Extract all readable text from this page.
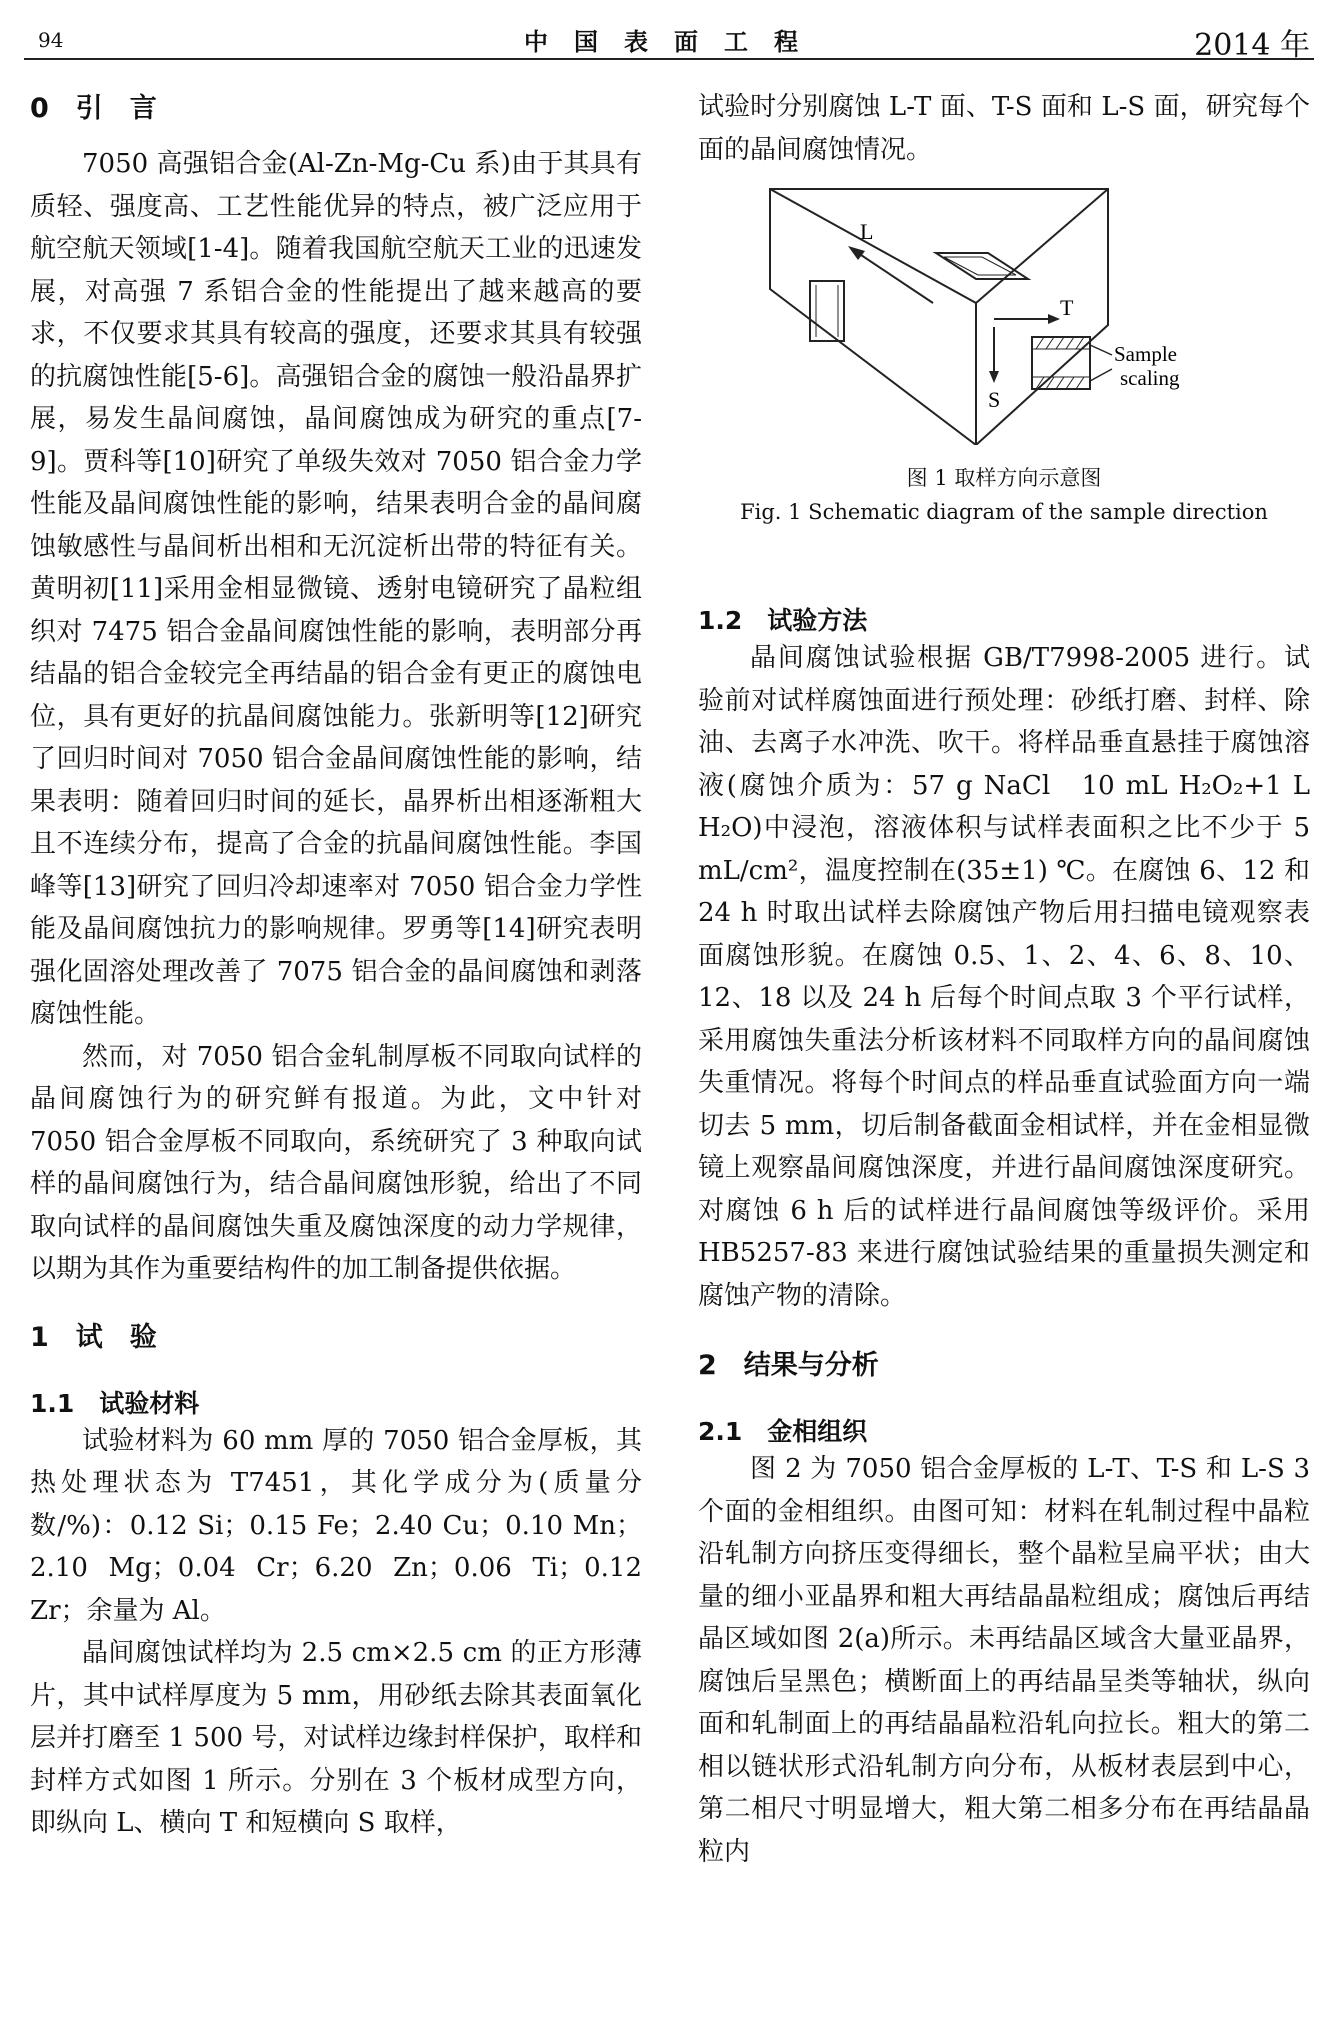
94	中国表面工程	2014 年
0　引　言

7050 高强铝合金(Al-Zn-Mg-Cu 系)由于其具有质轻、强度高、工艺性能优异的特点，被广泛应用于航空航天领域[1-4]。随着我国航空航天工业的迅速发展，对高强 7 系铝合金的性能提出了越来越高的要求，不仅要求其具有较高的强度，还要求其具有较强的抗腐蚀性能[5-6]。高强铝合金的腐蚀一般沿晶界扩展，易发生晶间腐蚀，晶间腐蚀成为研究的重点[7-9]。贾科等[10]研究了单级失效对 7050 铝合金力学性能及晶间腐蚀性能的影响，结果表明合金的晶间腐蚀敏感性与晶间析出相和无沉淀析出带的特征有关。黄明初[11]采用金相显微镜、透射电镜研究了晶粒组织对 7475 铝合金晶间腐蚀性能的影响，表明部分再结晶的铝合金较完全再结晶的铝合金有更正的腐蚀电位，具有更好的抗晶间腐蚀能力。张新明等[12]研究了回归时间对 7050 铝合金晶间腐蚀性能的影响，结果表明：随着回归时间的延长，晶界析出相逐渐粗大且不连续分布，提高了合金的抗晶间腐蚀性能。李国峰等[13]研究了回归冷却速率对 7050 铝合金力学性能及晶间腐蚀抗力的影响规律。罗勇等[14]研究表明强化固溶处理改善了 7075 铝合金的晶间腐蚀和剥落腐蚀性能。

然而，对 7050 铝合金轧制厚板不同取向试样的晶间腐蚀行为的研究鲜有报道。为此，文中针对 7050 铝合金厚板不同取向，系统研究了 3 种取向试样的晶间腐蚀行为，结合晶间腐蚀形貌，给出了不同取向试样的晶间腐蚀失重及腐蚀深度的动力学规律，以期为其作为重要结构件的加工制备提供依据。

1　试　验
1.1　试验材料

试验材料为 60 mm 厚的 7050 铝合金厚板，其热处理状态为 T7451，其化学成分为(质量分数/%)：0.12 Si；0.15 Fe；2.40 Cu；0.10 Mn；2.10 Mg；0.04 Cr；6.20 Zn；0.06 Ti；0.12 Zr；余量为 Al。

晶间腐蚀试样均为 2.5 cm×2.5 cm 的正方形薄片，其中试样厚度为 5 mm，用砂纸去除其表面氧化层并打磨至 1 500 号，对试样边缘封样保护，取样和封样方式如图 1 所示。分别在 3 个板材成型方向，即纵向 L、横向 T 和短横向 S 取样，

试验时分别腐蚀 L-T 面、T-S 面和 L-S 面，研究每个面的晶间腐蚀情况。

L
T
S
Sample
scaling

图 1 取样方向示意图

Fig. 1 Schematic diagram of the sample direction

1.2　试验方法

晶间腐蚀试验根据 GB/T7998-2005 进行。试验前对试样腐蚀面进行预处理：砂纸打磨、封样、除油、去离子水冲洗、吹干。将样品垂直悬挂于腐蚀溶液(腐蚀介质为：57 g NaCl　10 mL H₂O₂+1 L H₂O)中浸泡，溶液体积与试样表面积之比不少于 5 mL/cm²，温度控制在(35±1) ℃。在腐蚀 6、12 和 24 h 时取出试样去除腐蚀产物后用扫描电镜观察表面腐蚀形貌。在腐蚀 0.5、1、2、4、6、8、10、12、18 以及 24 h 后每个时间点取 3 个平行试样，采用腐蚀失重法分析该材料不同取样方向的晶间腐蚀失重情况。将每个时间点的样品垂直试验面方向一端切去 5 mm，切后制备截面金相试样，并在金相显微镜上观察晶间腐蚀深度，并进行晶间腐蚀深度研究。对腐蚀 6 h 后的试样进行晶间腐蚀等级评价。采用 HB5257-83 来进行腐蚀试验结果的重量损失测定和腐蚀产物的清除。

2　结果与分析
2.1　金相组织

图 2 为 7050 铝合金厚板的 L-T、T-S 和 L-S 3 个面的金相组织。由图可知：材料在轧制过程中晶粒沿轧制方向挤压变得细长，整个晶粒呈扁平状；由大量的细小亚晶界和粗大再结晶晶粒组成；腐蚀后再结晶区域如图 2(a)所示。未再结晶区域含大量亚晶界，腐蚀后呈黑色；横断面上的再结晶呈类等轴状，纵向面和轧制面上的再结晶晶粒沿轧向拉长。粗大的第二相以链状形式沿轧制方向分布，从板材表层到中心，第二相尺寸明显增大，粗大第二相多分布在再结晶晶粒内
